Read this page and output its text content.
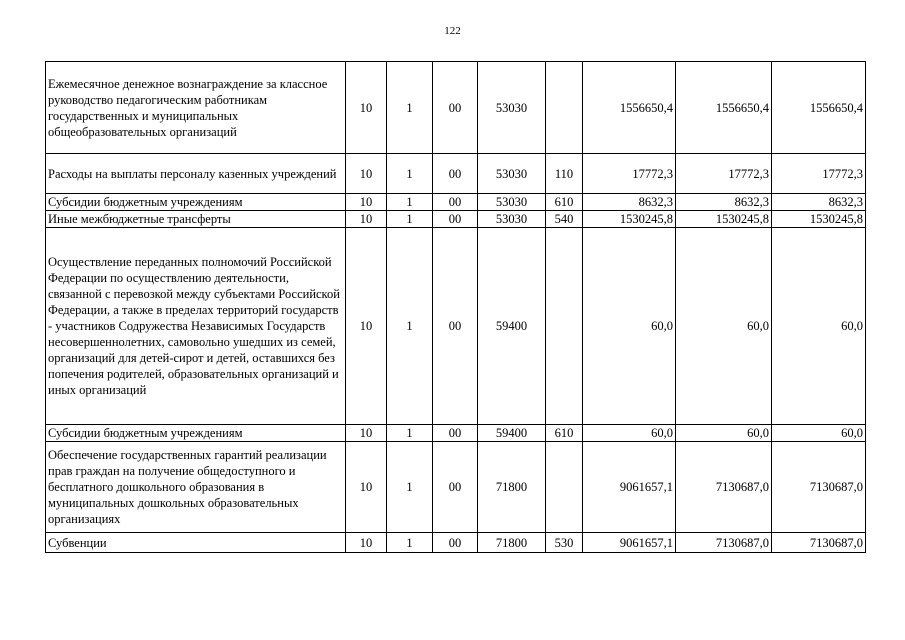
122
Ежемесячное денежное вознаграждение за классное руководство педагогическим работникам государственных и муниципальных общеобразовательных организаций	10	1	00	53030		1556650,4	1556650,4	1556650,4
Расходы на выплаты персоналу казенных учреждений	10	1	00	53030	110	17772,3	17772,3	17772,3
Субсидии бюджетным учреждениям	10	1	00	53030	610	8632,3	8632,3	8632,3
Иные межбюджетные трансферты	10	1	00	53030	540	1530245,8	1530245,8	1530245,8
Осуществление переданных полномочий Российской Федерации по осуществлению деятельности, связанной с перевозкой между субъектами Российской Федерации, а также в пределах территорий государств - участников Содружества Независимых Государств несовершеннолетних, самовольно ушедших из семей, организаций для детей-сирот и детей, оставшихся без попечения родителей, образовательных организаций и иных организаций	10	1	00	59400		60,0	60,0	60,0
Субсидии бюджетным учреждениям	10	1	00	59400	610	60,0	60,0	60,0
Обеспечение государственных гарантий реализации прав граждан на получение общедоступного и бесплатного дошкольного образования в муниципальных дошкольных образовательных организациях	10	1	00	71800		9061657,1	7130687,0	7130687,0
Субвенции	10	1	00	71800	530	9061657,1	7130687,0	7130687,0
